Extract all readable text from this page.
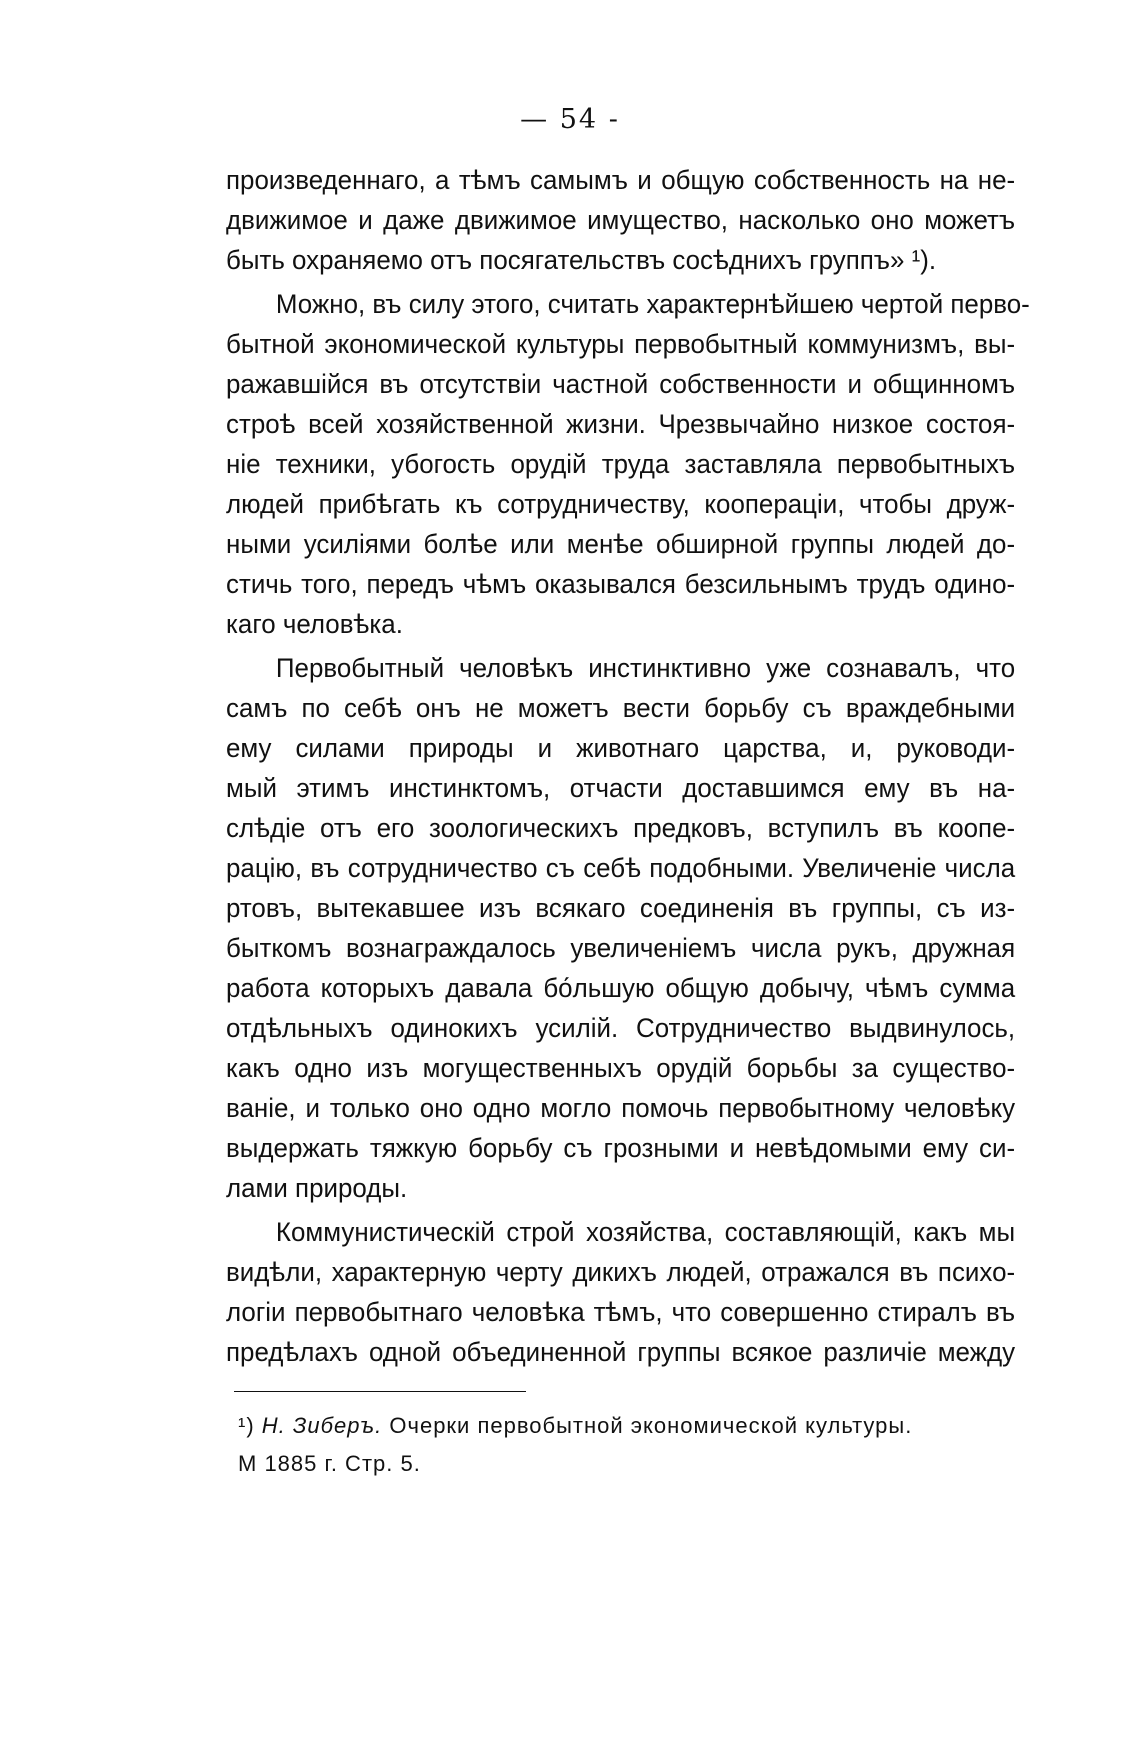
— 54 -
произведеннаго, а тѣмъ самымъ и общую собственность на не-
движимое и даже движимое имущество, насколько оно можетъ
быть охраняемо отъ посягательствъ сосѣднихъ группъ» ¹).
Можно, въ силу этого, считать характернѣйшею чертой перво-
бытной экономической культуры первобытный коммунизмъ, вы-
ражавшійся въ отсутствіи частной собственности и общинномъ
строѣ всей хозяйственной жизни. Чрезвычайно низкое состоя-
ніе техники, убогость орудій труда заставляла первобытныхъ
людей прибѣгать къ сотрудничеству, коопераціи, чтобы друж-
ными усиліями болѣе или менѣе обширной группы людей до-
стичь того, передъ чѣмъ оказывался безсильнымъ трудъ одино-
каго человѣка.
Первобытный человѣкъ инстинктивно уже сознавалъ, что
самъ по себѣ онъ не можетъ вести борьбу съ враждебными
ему силами природы и животнаго царства, и, руководи-
мый этимъ инстинктомъ, отчасти доставшимся ему въ на-
слѣдіе отъ его зоологическихъ предковъ, вступилъ въ коопе-
рацію, въ сотрудничество съ себѣ подобными. Увеличеніе числа
ртовъ, вытекавшее изъ всякаго соединенія въ группы, съ из-
быткомъ вознаграждалось увеличеніемъ числа рукъ, дружная
работа которыхъ давала бо́льшую общую добычу, чѣмъ сумма
отдѣльныхъ одинокихъ усилій. Сотрудничество выдвинулось,
какъ одно изъ могущественныхъ орудій борьбы за существо-
ваніе, и только оно одно могло помочь первобытному человѣку
выдержать тяжкую борьбу съ грозными и невѣдомыми ему си-
лами природы.
Коммунистическій строй хозяйства, составляющій, какъ мы
видѣли, характерную черту дикихъ людей, отражался въ психо-
логіи первобытнаго человѣка тѣмъ, что совершенно стиралъ въ
предѣлахъ одной объединенной группы всякое различіе между
¹) Н. Зиберъ. Очерки первобытной экономической культуры.
М 1885 г. Стр. 5.
